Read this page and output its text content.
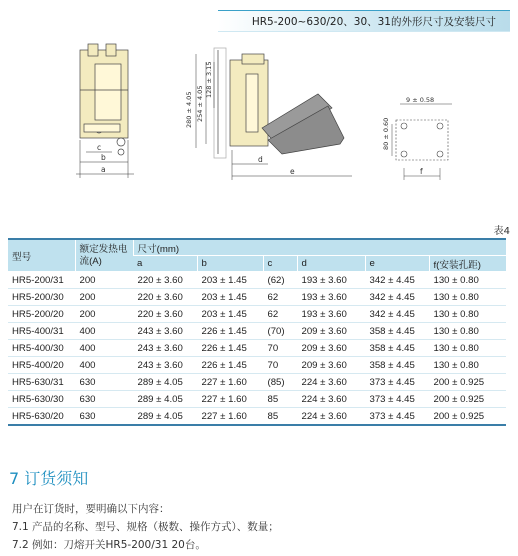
HR5-200~630/20、30、31的外形尺寸及安装尺寸
c
b
a
280 ± 4.05 254 ± 4.05
128 ± 3.15
d
e
9 ± 0.58
80 ± 0.60
f
表4
型号	额定发热电流(A)	尺寸(mm)					
		a	b	c	d	e	f(安装孔距)
HR5-200/31	200	220 ± 3.60	203 ± 1.45	(62)	193 ± 3.60	342 ± 4.45	130 ± 0.80
HR5-200/30	200	220 ± 3.60	203 ± 1.45	62	193 ± 3.60	342 ± 4.45	130 ± 0.80
HR5-200/20	200	220 ± 3.60	203 ± 1.45	62	193 ± 3.60	342 ± 4.45	130 ± 0.80
HR5-400/31	400	243 ± 3.60	226 ± 1.45	(70)	209 ± 3.60	358 ± 4.45	130 ± 0.80
HR5-400/30	400	243 ± 3.60	226 ± 1.45	70	209 ± 3.60	358 ± 4.45	130 ± 0.80
HR5-400/20	400	243 ± 3.60	226 ± 1.45	70	209 ± 3.60	358 ± 4.45	130 ± 0.80
HR5-630/31	630	289 ± 4.05	227 ± 1.60	(85)	224 ± 3.60	373 ± 4.45	200 ± 0.925
HR5-630/30	630	289 ± 4.05	227 ± 1.60	85	224 ± 3.60	373 ± 4.45	200 ± 0.925
HR5-630/20	630	289 ± 4.05	227 ± 1.60	85	224 ± 3.60	373 ± 4.45	200 ± 0.925
7 订货须知
用户在订货时，要明确以下内容：
7.1 产品的名称、型号、规格（极数、操作方式）、数量；
7.2 例如：刀熔开关HR5-200/31 20台。
